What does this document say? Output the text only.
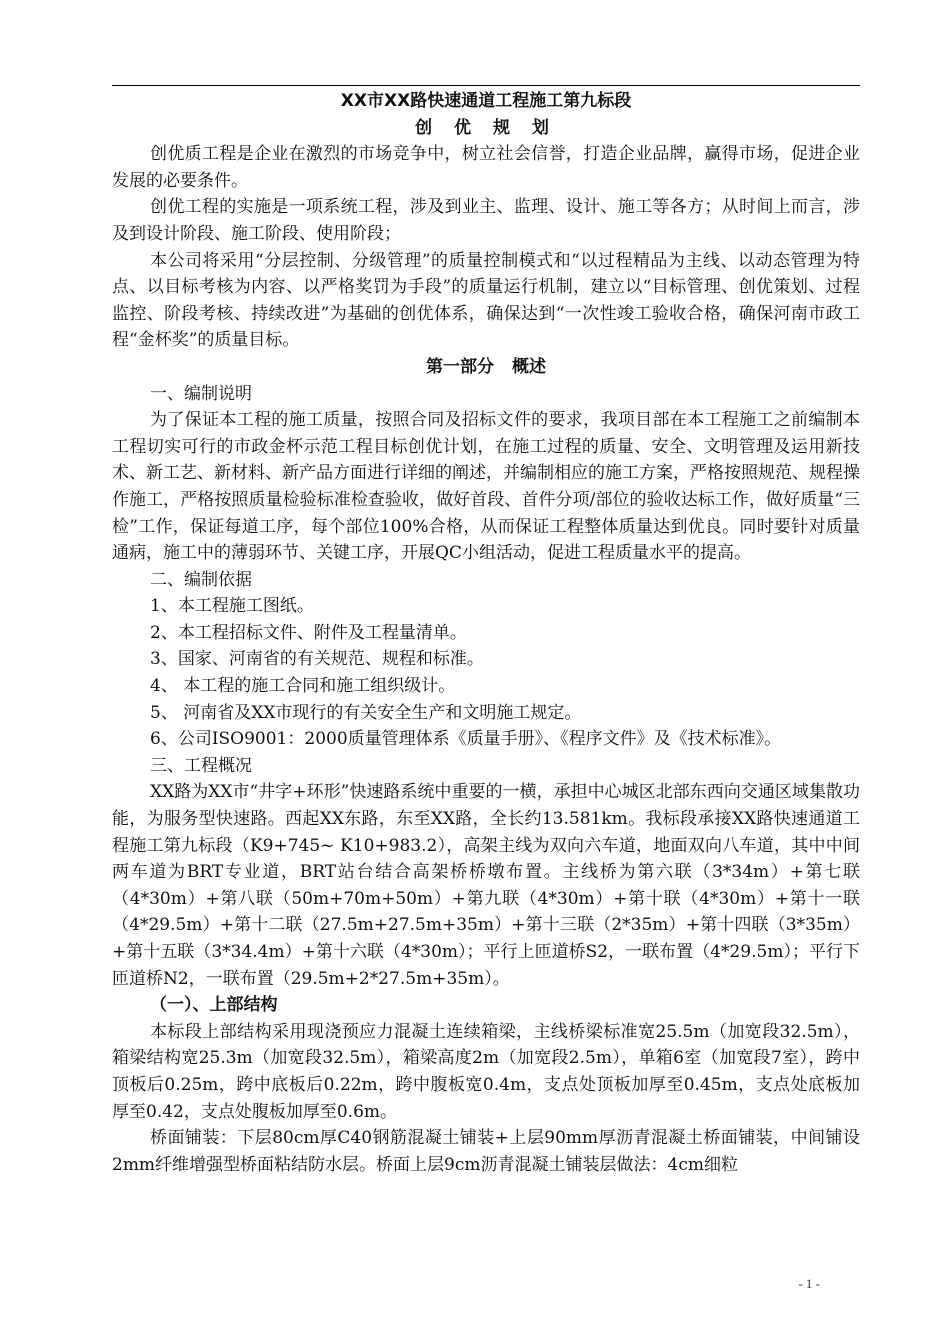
XX市XX路快速通道工程施工第九标段
创 优 规 划

创优质工程是企业在激烈的市场竞争中，树立社会信誉，打造企业品牌，赢得市场，促进企业发展的必要条件。

创优工程的实施是一项系统工程，涉及到业主、监理、设计、施工等各方；从时间上而言，涉及到设计阶段、施工阶段、使用阶段；

本公司将采用“分层控制、分级管理”的质量控制模式和“以过程精品为主线、以动态管理为特点、以目标考核为内容、以严格奖罚为手段”的质量运行机制，建立以“目标管理、创优策划、过程监控、阶段考核、持续改进”为基础的创优体系，确保达到“一次性竣工验收合格，确保河南市政工程“金杯奖”的质量目标。

第一部分 概述

一、编制说明

为了保证本工程的施工质量，按照合同及招标文件的要求，我项目部在本工程施工之前编制本工程切实可行的市政金杯示范工程目标创优计划，在施工过程的质量、安全、文明管理及运用新技术、新工艺、新材料、新产品方面进行详细的阐述，并编制相应的施工方案，严格按照规范、规程操作施工，严格按照质量检验标准检查验收，做好首段、首件分项/部位的验收达标工作，做好质量“三检”工作，保证每道工序，每个部位100%合格，从而保证工程整体质量达到优良。同时要针对质量通病，施工中的薄弱环节、关键工序，开展QC小组活动，促进工程质量水平的提高。

二、编制依据

1、本工程施工图纸。

2、本工程招标文件、附件及工程量清单。

3、国家、河南省的有关规范、规程和标准。

4、 本工程的施工合同和施工组织级计。

5、 河南省及XX市现行的有关安全生产和文明施工规定。

6、公司ISO9001：2000质量管理体系《质量手册》、《程序文件》及《技术标准》。

三、工程概况

XX路为XX市“井字+环形”快速路系统中重要的一横，承担中心城区北部东西向交通区域集散功能，为服务型快速路。西起XX东路，东至XX路，全长约13.581km。我标段承接XX路快速通道工程施工第九标段（K9+745~ K10+983.2），高架主线为双向六车道，地面双向八车道，其中中间两车道为BRT专业道，BRT站台结合高架桥桥墩布置。主线桥为第六联（3*34m）+第七联（4*30m）+第八联（50m+70m+50m）+第九联（4*30m）+第十联（4*30m）+第十一联（4*29.5m）+第十二联（27.5m+27.5m+35m）+第十三联（2*35m）+第十四联（3*35m）+第十五联（3*34.4m）+第十六联（4*30m）；平行上匝道桥S2，一联布置（4*29.5m）；平行下匝道桥N2，一联布置（29.5m+2*27.5m+35m）。

（一）、上部结构

本标段上部结构采用现浇预应力混凝土连续箱梁，主线桥梁标准宽25.5m（加宽段32.5m），箱梁结构宽25.3m（加宽段32.5m），箱梁高度2m（加宽段2.5m），单箱6室（加宽段7室），跨中顶板后0.25m，跨中底板后0.22m，跨中腹板宽0.4m，支点处顶板加厚至0.45m，支点处底板加厚至0.42，支点处腹板加厚至0.6m。

桥面铺装：下层80cm厚C40钢筋混凝土铺装+上层90mm厚沥青混凝土桥面铺装，中间铺设2mm纤维增强型桥面粘结防水层。桥面上层9cm沥青混凝土铺装层做法：4cm细粒

- 1 -
